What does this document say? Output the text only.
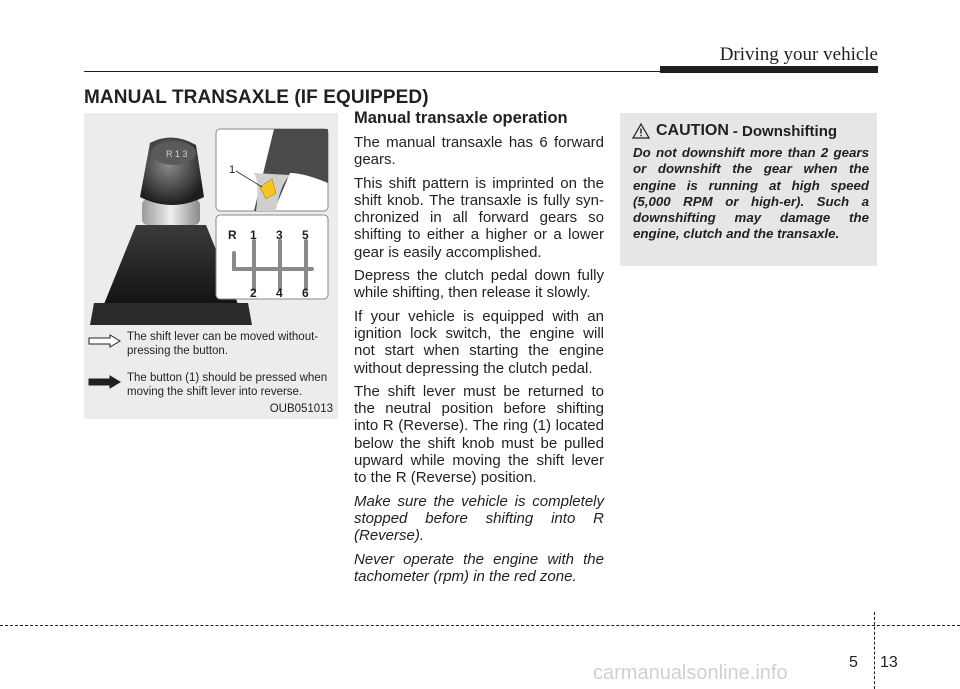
Driving your vehicle
MANUAL TRANSAXLE (IF EQUIPPED)
R 1 3
1
R 1 3 5
2 4 6
The shift lever can be moved without-pressing the button.
The button (1) should be pressed when moving the shift lever into reverse.
OUB051013
Manual transaxle operation

The manual transaxle has 6 forward gears.

This shift pattern is imprinted on the shift knob. The transaxle is fully syn-chronized in all forward gears so shifting to either a higher or a lower gear is easily accomplished.

Depress the clutch pedal down fully while shifting, then release it slowly.

If your vehicle is equipped with an ignition lock switch, the engine will not start when starting the engine without depressing the clutch pedal.

The shift lever must be returned to the neutral position before shifting into R (Reverse). The ring (1) located below the shift knob must be pulled upward while moving the shift lever to the R (Reverse) position.

Make sure the vehicle is completely stopped before shifting into R (Reverse).

Never operate the engine with the tachometer (rpm) in the red zone.

CAUTION - Downshifting

Do not downshift more than 2 gears or downshift the gear when the engine is running at high speed (5,000 RPM or high-er). Such a downshifting may damage the engine, clutch and the transaxle.

5 13
carmanualsonline.info
